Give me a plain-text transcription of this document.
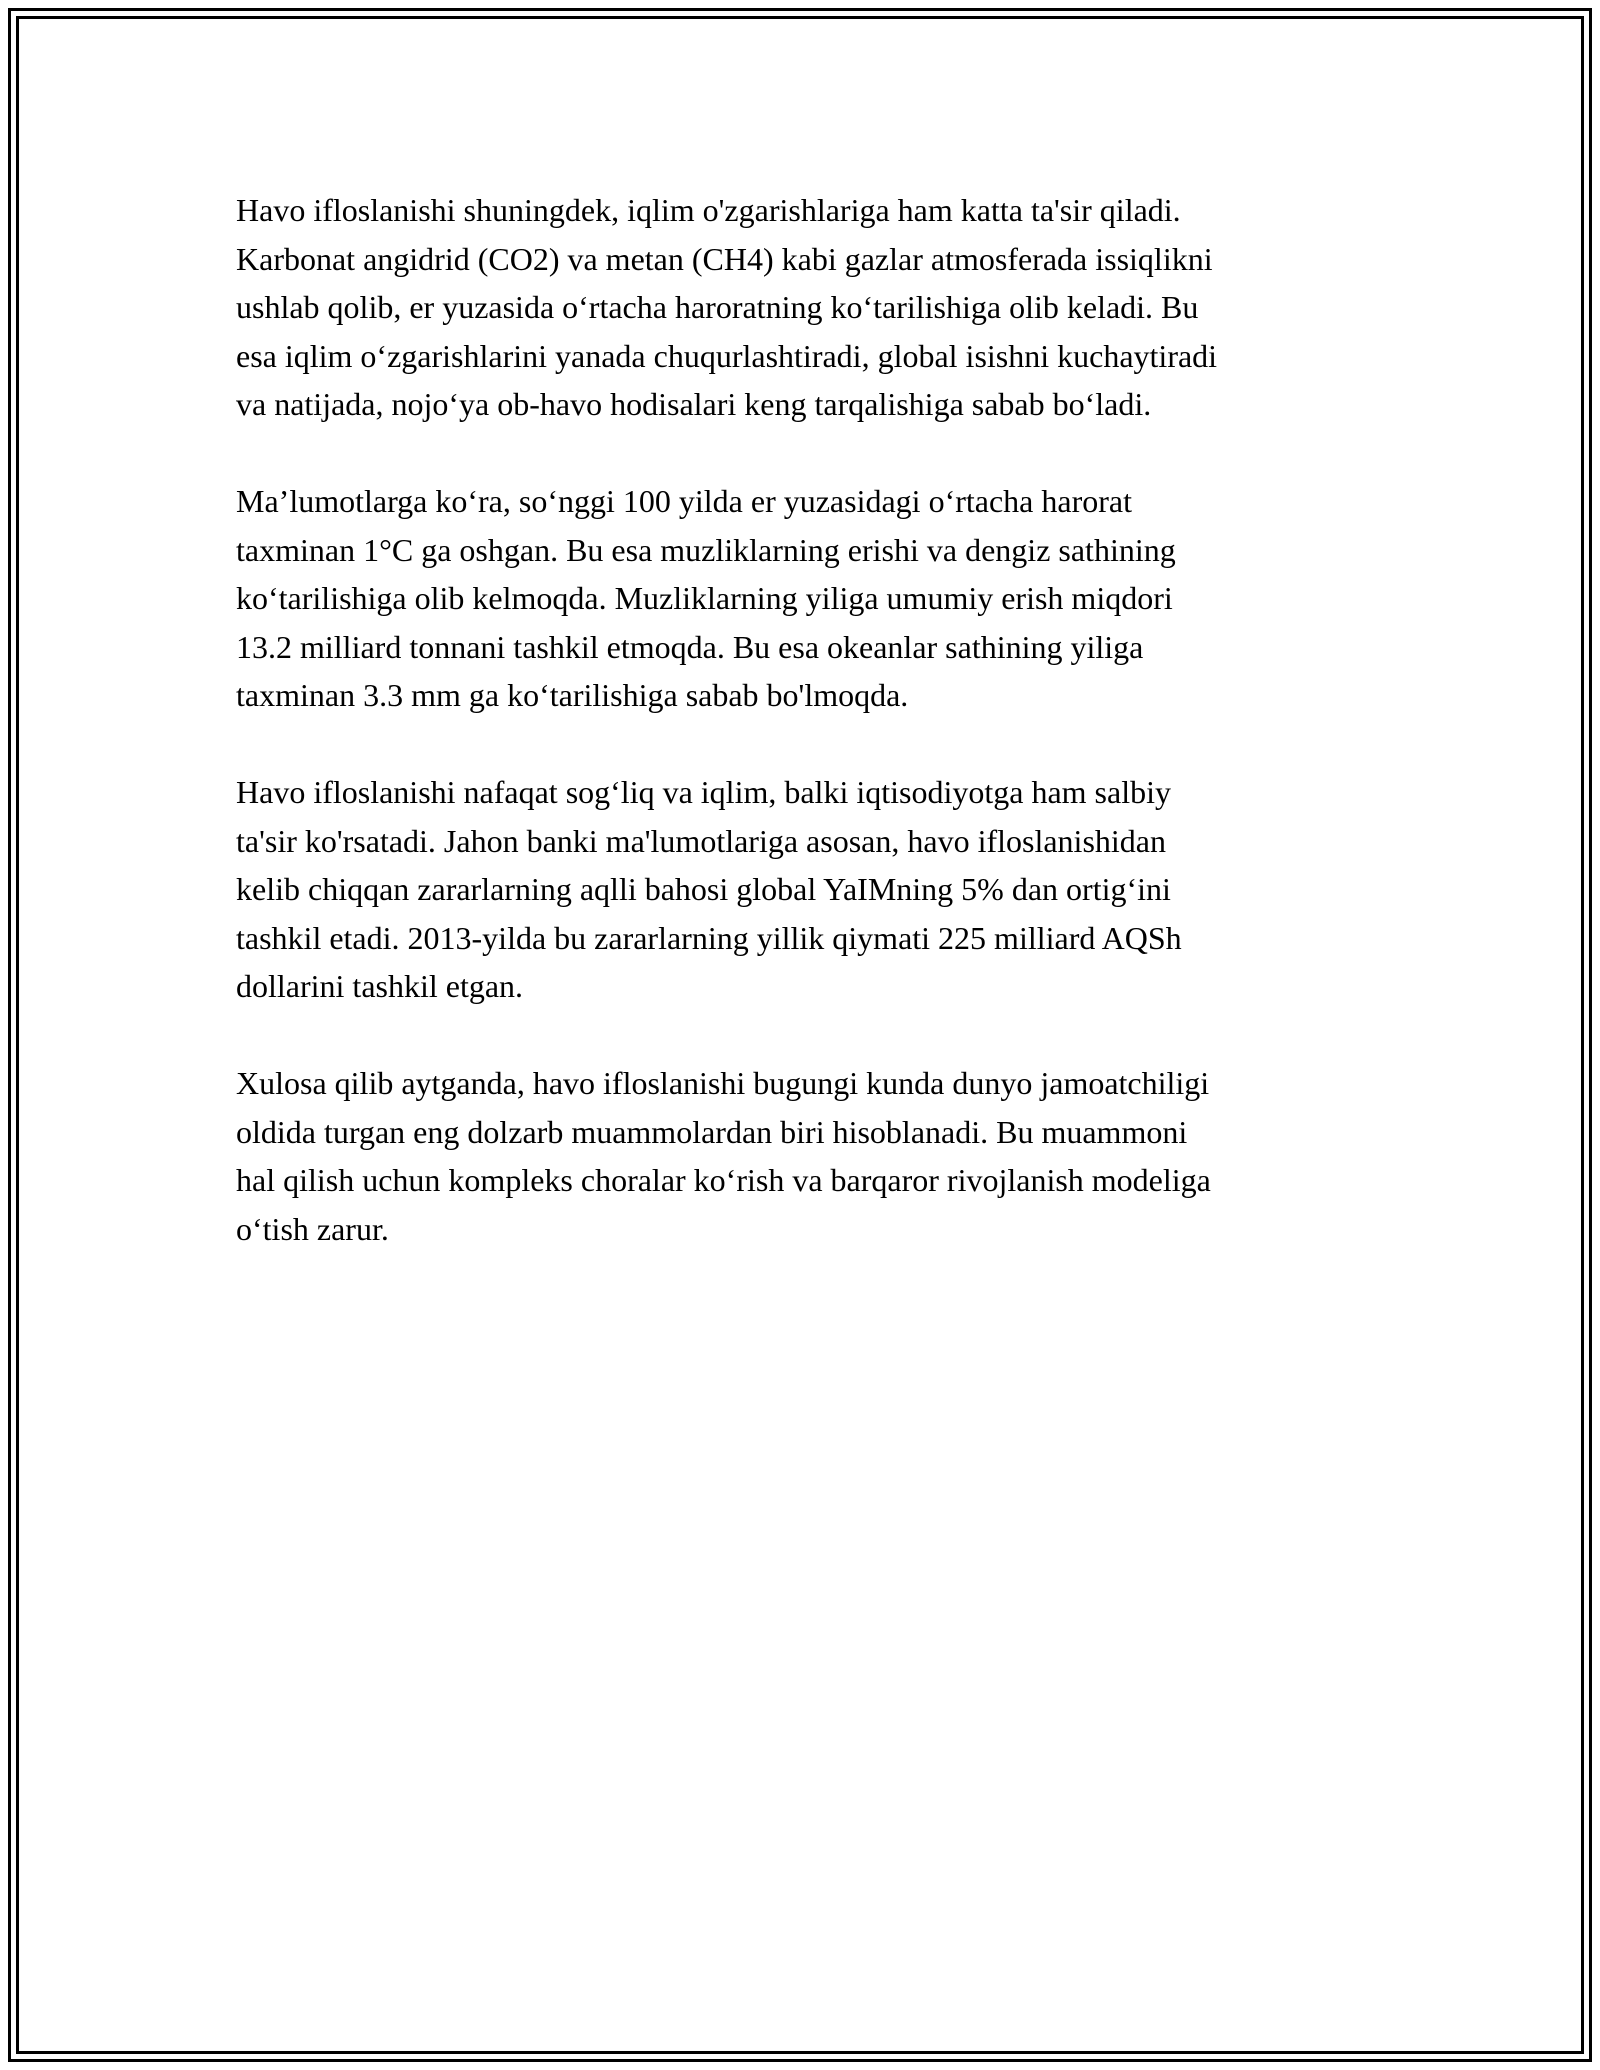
Havo ifloslanishi shuningdek, iqlim o'zgarishlariga ham katta ta'sir qiladi.
Karbonat angidrid (CO2) va metan (CH4) kabi gazlar atmosferada issiqlikni
ushlab qolib, er yuzasida o‘rtacha haroratning ko‘tarilishiga olib keladi. Bu
esa iqlim o‘zgarishlarini yanada chuqurlashtiradi, global isishni kuchaytiradi
va natijada, nojo‘ya ob-havo hodisalari keng tarqalishiga sabab bo‘ladi.

Ma’lumotlarga ko‘ra, so‘nggi 100 yilda er yuzasidagi o‘rtacha harorat
taxminan 1°C ga oshgan. Bu esa muzliklarning erishi va dengiz sathining
ko‘tarilishiga olib kelmoqda. Muzliklarning yiliga umumiy erish miqdori
13.2 milliard tonnani tashkil etmoqda. Bu esa okeanlar sathining yiliga
taxminan 3.3 mm ga ko‘tarilishiga sabab bo'lmoqda.

Havo ifloslanishi nafaqat sog‘liq va iqlim, balki iqtisodiyotga ham salbiy
ta'sir ko'rsatadi. Jahon banki ma'lumotlariga asosan, havo ifloslanishidan
kelib chiqqan zararlarning aqlli bahosi global YaIMning 5% dan ortig‘ini
tashkil etadi. 2013-yilda bu zararlarning yillik qiymati 225 milliard AQSh
dollarini tashkil etgan.

Xulosa qilib aytganda, havo ifloslanishi bugungi kunda dunyo jamoatchiligi
oldida turgan eng dolzarb muammolardan biri hisoblanadi. Bu muammoni
hal qilish uchun kompleks choralar ko‘rish va barqaror rivojlanish modeliga
o‘tish zarur.
